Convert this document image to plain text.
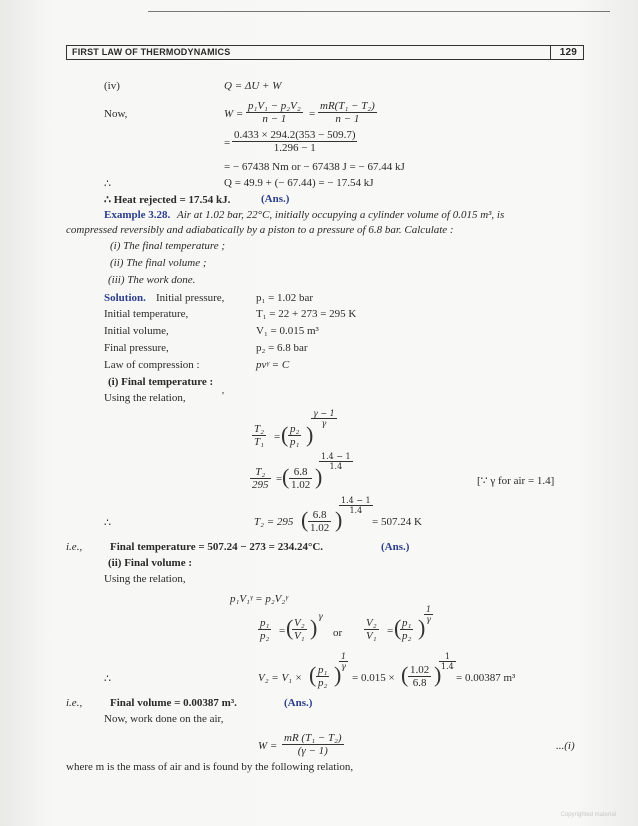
FIRST LAW OF THERMODYNAMICS	129
(iv)	Q = ΔU + W
Now,	$W = \frac{\text{p₁V₁ − p₂V₂}}{n - 1} = \frac{\text{mR(T₁ − T₂)}}{n - 1}$
= $\frac{0.433 \times 294.2(353 - 509.7)}{1.296 - 1}$
= − 67438 Nm or − 67438 J = − 67.44 kJ
∴	Q = 49.9 + (− 67.44) = − 17.54 kJ
∴ Heat rejected = 17.54 kJ.	(Ans.)
Example 3.28. Air at 1.02 bar, 22°C, initially occupying a cylinder volume of 0.015 m³, is
compressed reversibly and adiabatically by a piston to a pressure of 6.8 bar. Calculate :
(i) The final temperature ;
(ii) The final volume ;
(iii) The work done.
Solution. Initial pressure,	p₁ = 1.02 bar
Initial temperature,	T₁ = 22 + 273 = 295 K
Initial volume,	V₁ = 0.015 m³
Final pressure,	p₂ = 6.8 bar
Law of compression :	pvᵞ = C
(i) Final temperature :
Using the relation,	'
$\frac{\text{T₂}}{\text{T₁}}$ = ( $\frac{\text{p₂}}{\text{p₁}}$ )
$\frac{\gamma - 1}{\gamma}$
$\frac{\text{T₂}}{295}$ = ( $\frac{6.8}{1.02}$ )
$\frac{1.4 - 1}{1.4}$
[∵ γ for air = 1.4]
∴	T₂ = 295 ( $\frac{6.8}{1.02}$ )
$\frac{1.4 - 1}{1.4}$
= 507.24 K
i.e.,	Final temperature = 507.24 − 273 = 234.24°C.	(Ans.)
(ii) Final volume :
Using the relation,
p₁V₁ᵞ = p₂V₂ᵞ
$\frac{\text{p₁}}{\text{p₂}}$ = (
$\frac{\text{V₂}}{\text{V₁}}$ ) γ
or $\frac{\text{V₂}}{\text{V₁}}$ = (
$\frac{\text{p₁}}{\text{p₂}}$ )
$\frac{1}{\gamma}$
∴	V₂ = V₁ × ( $\frac{\text{p₁}}{\text{p₂}}$ )
$\frac{1}{\gamma}$
= 0.015 × ( $\frac{1.02}{6.8}$ )
$\frac{1}{1.4}$
= 0.00387 m³
i.e.,	Final volume = 0.00387 m³.	(Ans.)
Now, work done on the air,
$W = \frac{\text{mR (T₁ − T₂)}}{(\gamma - 1)}$	...(i)
where m is the mass of air and is found by the following relation,
Copyrighted material
